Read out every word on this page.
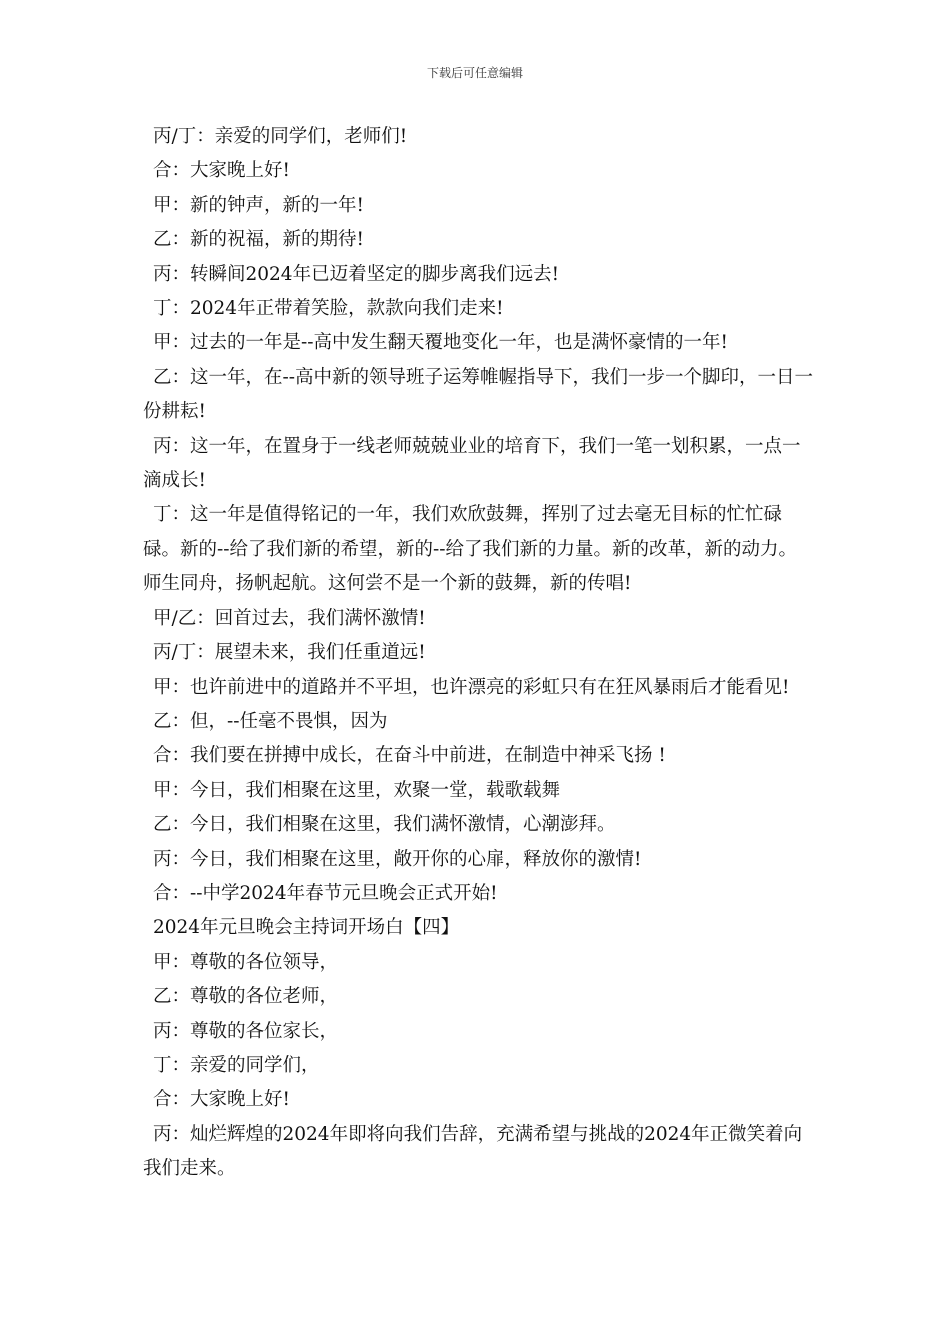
下载后可任意编辑

丙/丁：亲爱的同学们，老师们!

合：大家晚上好!

甲：新的钟声，新的一年!

乙：新的祝福，新的期待!

丙：转瞬间2024年已迈着坚定的脚步离我们远去!

丁：2024年正带着笑脸，款款向我们走来!

甲：过去的一年是--高中发生翻天覆地变化一年，也是满怀豪情的一年!

乙：这一年，在--高中新的领导班子运筹帷幄指导下，我们一步一个脚印，一日一份耕耘!

丙：这一年，在置身于一线老师兢兢业业的培育下，我们一笔一划积累，一点一滴成长!

丁：这一年是值得铭记的一年，我们欢欣鼓舞，挥别了过去毫无目标的忙忙碌碌。新的--给了我们新的希望，新的--给了我们新的力量。新的改革，新的动力。师生同舟，扬帆起航。这何尝不是一个新的鼓舞，新的传唱!

甲/乙：回首过去，我们满怀激情!

丙/丁：展望未来，我们任重道远!

甲：也许前进中的道路并不平坦，也许漂亮的彩虹只有在狂风暴雨后才能看见!

乙：但，--任毫不畏惧，因为

合：我们要在拼搏中成长，在奋斗中前进，在制造中神采飞扬 !

甲：今日，我们相聚在这里，欢聚一堂，载歌载舞

乙：今日，我们相聚在这里，我们满怀激情，心潮澎拜。

丙：今日，我们相聚在这里，敞开你的心扉，释放你的激情!

合：--中学2024年春节元旦晚会正式开始!

2024年元旦晚会主持词开场白【四】

甲：尊敬的各位领导，

乙：尊敬的各位老师，

丙：尊敬的各位家长，

丁：亲爱的同学们，

合：大家晚上好!

丙：灿烂辉煌的2024年即将向我们告辞，充满希望与挑战的2024年正微笑着向我们走来。
